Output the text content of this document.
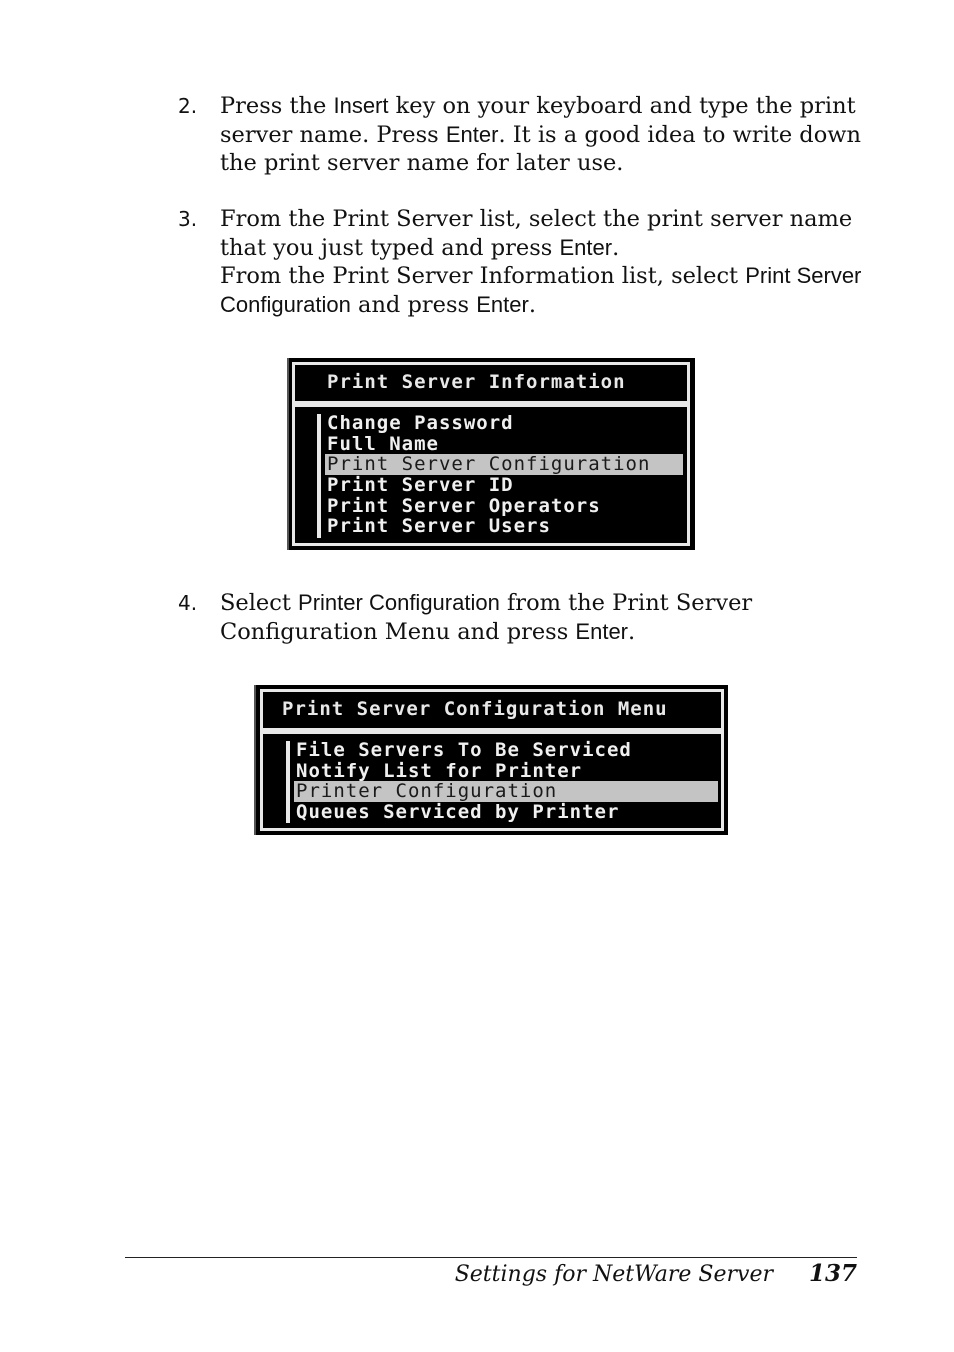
2. Press the Insert key on your keyboard and type the print server name. Press Enter. It is a good idea to write down the print server name for later use.
3. From the Print Server list, select the print server name that you just typed and press Enter.
From the Print Server Information list, select Print Server Configuration and press Enter.
Print Server Information
Change Password
Full Name
Print Server Configuration
Print Server ID
Print Server Operators
Print Server Users
4. Select Printer Configuration from the Print Server Configuration Menu and press Enter.
Print Server Configuration Menu
File Servers To Be Serviced
Notify List for Printer
Printer Configuration
Queues Serviced by Printer
Settings for NetWare Server 137
